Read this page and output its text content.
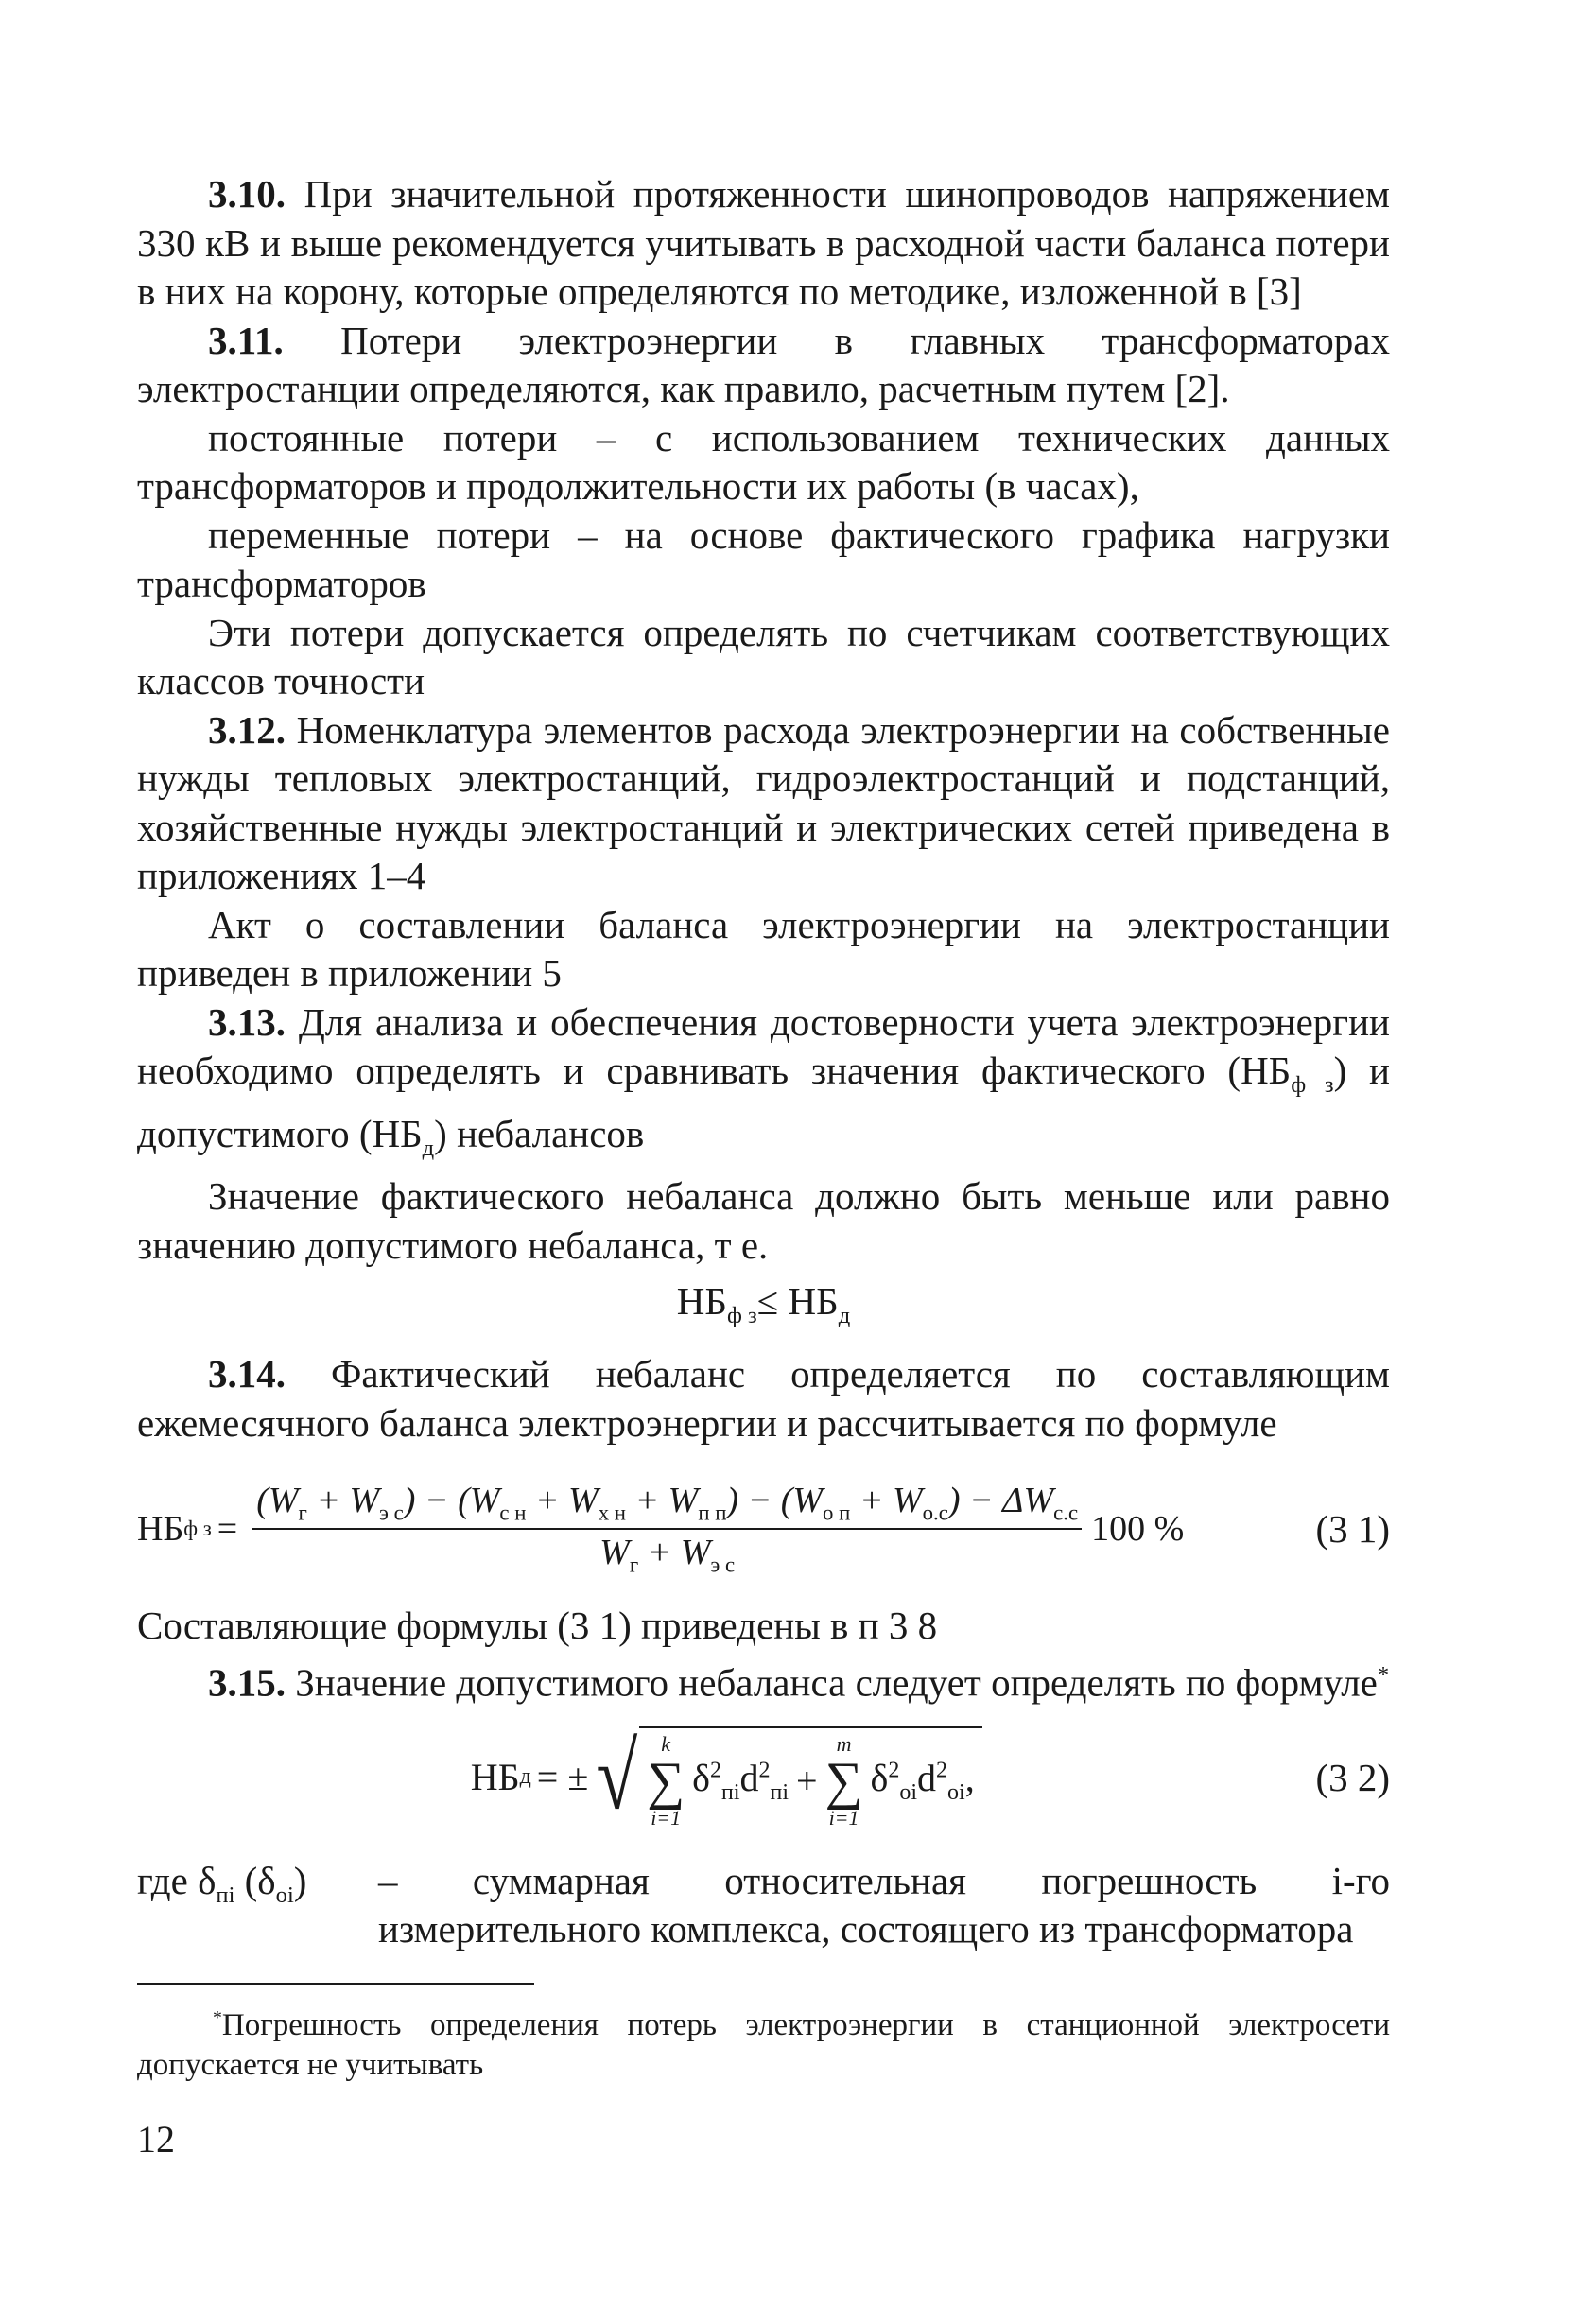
3.10. При значительной протяженности шинопроводов напряжением 330 кВ и выше рекомендуется учитывать в расходной части баланса потери в них на корону, которые определяются по методике, изложенной в [3]

3.11. Потери электроэнергии в главных трансформаторах электростанции определяются, как правило, расчетным путем [2].

постоянные потери – с использованием технических данных трансформаторов и продолжительности их работы (в часах),

переменные потери – на основе фактического графика нагрузки трансформаторов

Эти потери допускается определять по счетчикам соответствующих классов точности

3.12. Номенклатура элементов расхода электроэнергии на собственные нужды тепловых электростанций, гидроэлектростанций и подстанций, хозяйственные нужды электростанций и электрических сетей приведена в приложениях 1–4

Акт о составлении баланса электроэнергии на электростанции приведен в приложении 5

3.13. Для анализа и обеспечения достоверности учета электроэнергии необходимо определять и сравнивать значения фактического $(НБ_{ф з})$ и допустимого $(НБ_д)$ небалансов

Значение фактического небаланса должно быть меньше или равно значению допустимого небаланса, т е.

$НБ_{ф з}\le НБ_д$

3.14. Фактический небаланс определяется по составляющим ежемесячного баланса электроэнергии и рассчитывается по формуле

НБ ф $з = \frac{(W_г + W_{э с}) - (W_{с н} + W_{х н} + W_{п п}) - (W_{о п} + W_{о.с}) - \Delta W_{с.с}}{W_г + W_{э с}} 100$ %	(3 1)

Составляющие формулы (3 1) приведены в п 3 8

3.15. Значение допустимого небаланса следует определять по формуле*

НБ д = ± √ k
∑
i=1
$\delta^2_{пi}d^2_{пi}$ +
m
∑
i=1
$\delta^2_{оi}d^2_{оi}$,	(3 2)
где $\delta_{пi}$ $(\delta_{оi})$	– суммарная относительная погрешность i-го измерительного комплекса, состоящего из трансформатора

*Погрешность определения потерь электроэнергии в станционной электросети допускается не учитывать

12
